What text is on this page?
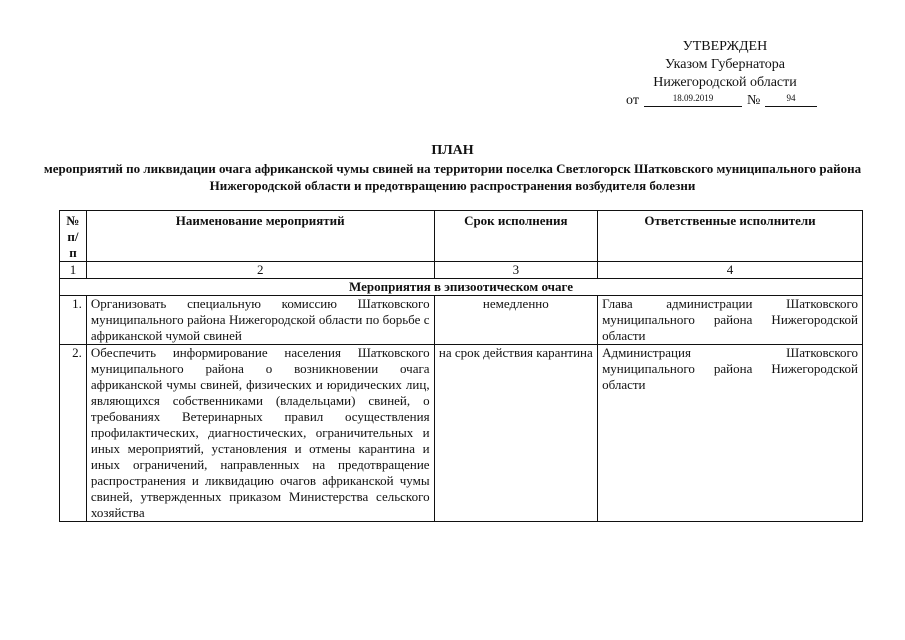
УТВЕРЖДЕН
Указом Губернатора
Нижегородской области
от	18.09.2019	№	94
ПЛАН
мероприятий по ликвидации очага африканской чумы свиней на территории поселка Светлогорск Шатковского муниципального района Нижегородской области и предотвращению распространения возбудителя болезни
№ п/п	Наименование мероприятий	Срок исполнения	Ответственные исполнители
1	2	3	4
Мероприятия в эпизоотическом очаге			
1.	Организовать специальную комиссию Шатковского муниципального района Нижегородской области по борьбе с африканской чумой свиней	немедленно	Глава администрации Шатковского муниципального района Нижегородской области
2.	Обеспечить информирование населения Шатковского муниципального района о возникновении очага африканской чумы свиней, физических и юридических лиц, являющихся собственниками (владельцами) свиней, о требованиях Ветеринарных правил осуществления профилактических, диагностических, ограничительных и иных мероприятий, установления и отмены карантина и иных ограничений, направленных на предотвращение распространения и ликвидацию очагов африканской чумы свиней, утвержденных приказом Министерства сельского хозяйства	на срок действия карантина	Администрация Шатковского муниципального района Нижегородской области
